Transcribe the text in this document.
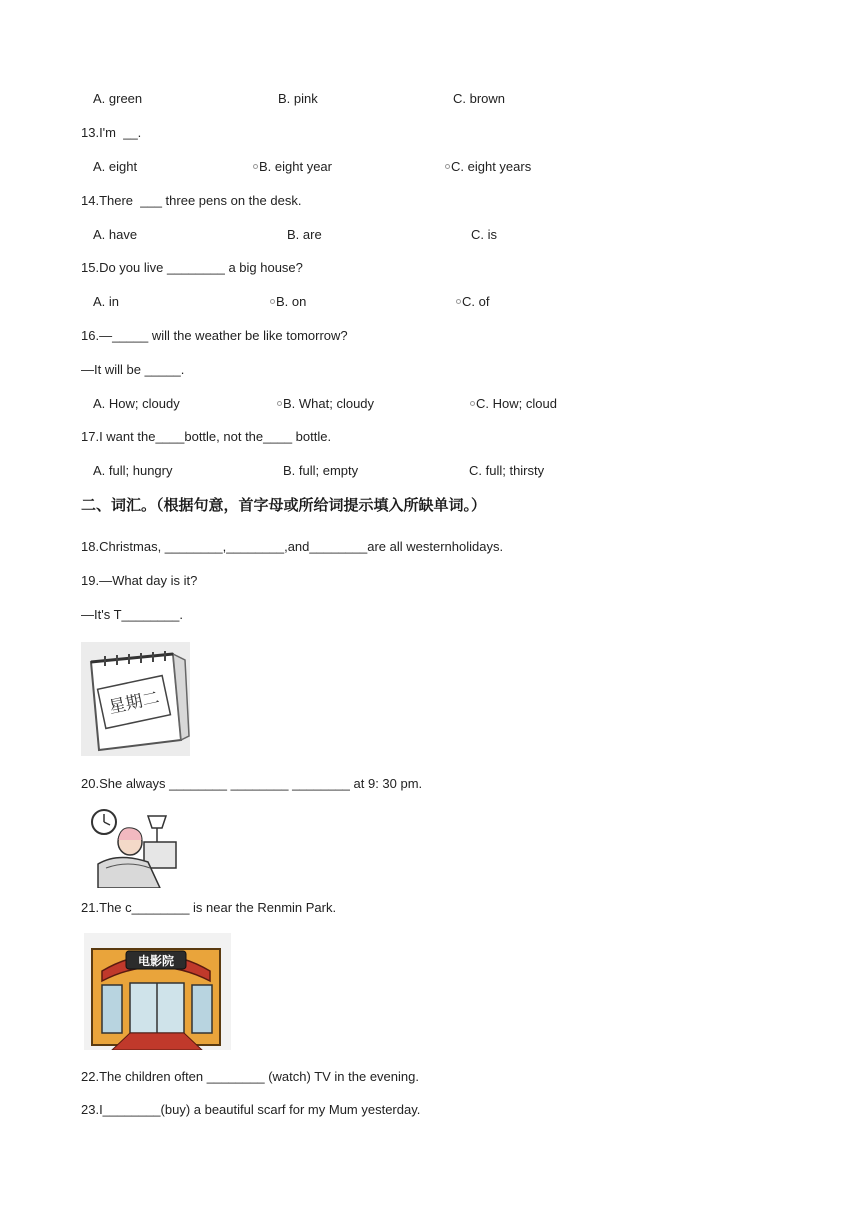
A. green	B. pink	C. brown
13.I'm  __.
A. eight	B. eight year	C. eight years
14.There  ___ three pens on the desk.
A. have	B. are	C. is
15.Do you live ________ a big house?
A. in	B. on	C. of
16.—_____ will the weather be like tomorrow?
—It will be _____.
A. How; cloudy	B. What; cloudy	C. How; cloud
17.I want the____bottle, not the____ bottle.
A. full; hungry	B. full; empty	C. full; thirsty
二、词汇。（根据句意，首字母或所给词提示填入所缺单词。）
18.Christmas, ________,________,and________are all westernholidays.
19.—What day is it?
—It's T________.
星期二
20.She always ________ ________ ________ at 9: 30 pm.
21.The c________ is near the Renmin Park.
电影院
22.The children often ________ (watch) TV in the evening.
23.I________(buy) a beautiful scarf for my Mum yesterday.
